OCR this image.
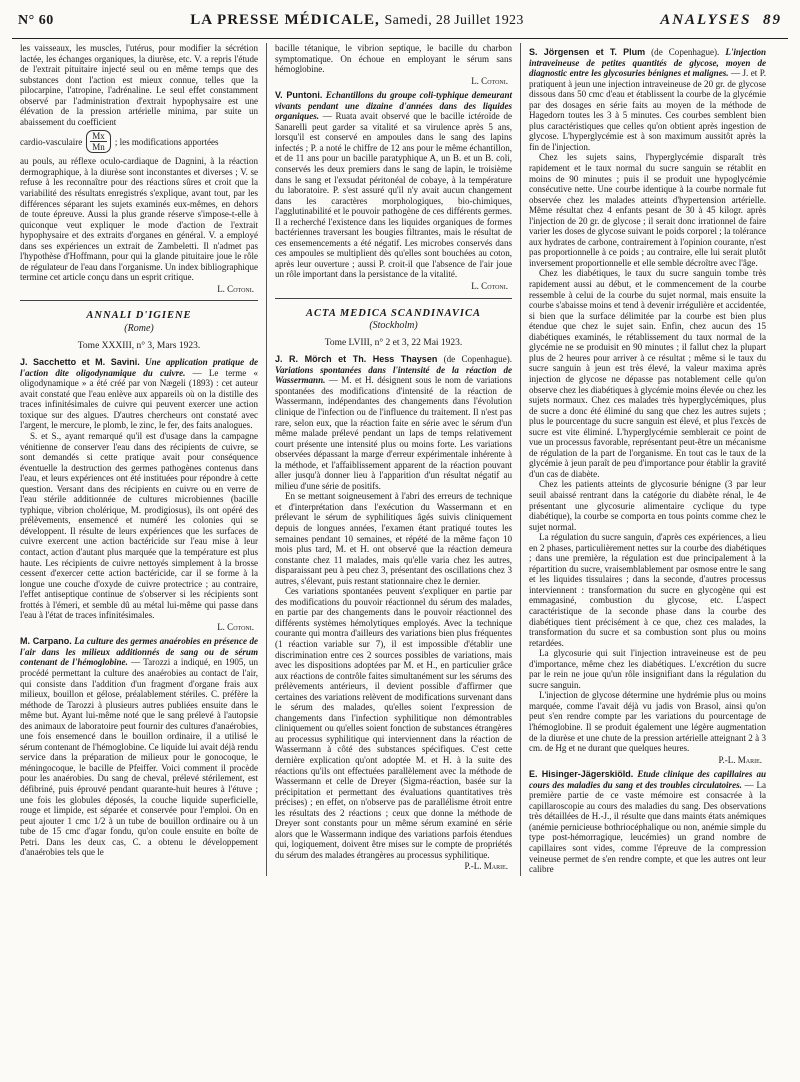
N° 60	LA PRESSE MÉDICALE, Samedi, 28 Juillet 1923	ANALYSES 89

les vaisseaux, les muscles, l'utérus, pour modifier la sécrétion lactée, les échanges organiques, la diurèse, etc. V. a repris l'étude de l'extrait pituitaire injecté seul ou en même temps que des substances dont l'action est mieux connue, telles que la pilocarpine, l'atropine, l'adrénaline. Le seul effet constamment observé par l'administration d'extrait hypophysaire est une élévation de la pression artérielle minima, par suite un abaissement du coefficient

cardio-vasculaire $\frac{Mx}{Mn}$ ; les modifications apportées

au pouls, au réflexe oculo-cardiaque de Dagnini, à la réaction dermographique, à la diurèse sont inconstantes et diverses ; V. se refuse à les reconnaître pour des réactions sûres et croit que la variabilité des résultats enregistrés s'explique, avant tout, par les différences séparant les sujets examinés eux-mêmes, en dehors de toute épreuve. Aussi la plus grande réserve s'impose-t-elle à quiconque veut expliquer le mode d'action de l'extrait hypophysaire et des extraits d'organes en général. V. a employé dans ses expériences un extrait de Zambeletti. Il n'admet pas l'hypothèse d'Hoffmann, pour qui la glande pituitaire joue le rôle de régulateur de l'eau dans l'organisme. Un index bibliographique termine cet article conçu dans un esprit critique.

L. Cotoni.
ANNALI D'IGIENE
(Rome)
Tome XXXIII, n° 3, Mars 1923.

J. Sacchetto et M. Savini. Une application pratique de l'action dite oligodynamique du cuivre. — Le terme « oligodynamique » a été créé par von Nægeli (1893) : cet auteur avait constaté que l'eau enlève aux appareils où on la distille des traces infinitésimales de cuivre qui peuvent exercer une action toxique sur des algues. D'autres chercheurs ont constaté avec l'argent, le mercure, le plomb, le zinc, le fer, des faits analogues.

S. et S., ayant remarqué qu'il est d'usage dans la campagne vénitienne de conserver l'eau dans des récipients de cuivre, se sont demandés si cette pratique avait pour conséquence éventuelle la destruction des germes pathogènes contenus dans l'eau, et leurs expériences ont été instituées pour répondre à cette question. Versant dans des récipients en cuivre ou en verre de l'eau stérile additionnée de cultures microbiennes (bacille typhique, vibrion cholérique, M. prodigiosus), ils ont opéré des prélèvements, ensemencé et numéré les colonies qui se développent. Il résulte de leurs expériences que les surfaces de cuivre exercent une action bactéricide sur l'eau mise à leur contact, action d'autant plus marquée que la température est plus haute. Les récipients de cuivre nettoyés simplement à la brosse cessent d'exercer cette action bactéricide, car il se forme à la longue une couche d'oxyde de cuivre protectrice ; au contraire, l'effet antiseptique continue de s'observer si les récipients sont frottés à l'émeri, et semble dû au métal lui-même qui passe dans l'eau à l'état de traces infinitésimales.

L. Cotoni.

M. Carpano. La culture des germes anaérobies en présence de l'air dans les milieux additionnés de sang ou de sérum contenant de l'hémoglobine. — Tarozzi a indiqué, en 1905, un procédé permettant la culture des anaérobies au contact de l'air, qui consiste dans l'addition d'un fragment d'organe frais aux milieux, bouillon et gélose, préalablement stériles. C. préfère la méthode de Tarozzi à plusieurs autres publiées ensuite dans le même but. Ayant lui-même noté que le sang prélevé à l'autopsie des animaux de laboratoire peut fournir des cultures d'anaérobies, une fois ensemencé dans le bouillon ordinaire, il a utilisé le sérum contenant de l'hémoglobine. Ce liquide lui avait déjà rendu service dans la préparation de milieux pour le gonocoque, le méningocoque, le bacille de Pfeiffer. Voici comment il procède pour les anaérobies. Du sang de cheval, prélevé stérilement, est défibriné, puis éprouvé pendant quarante-huit heures à l'étuve ; une fois les globules déposés, la couche liquide superficielle, rouge et limpide, est séparée et conservée pour l'emploi. On en peut ajouter 1 cmc 1/2 à un tube de bouillon ordinaire ou à un tube de 15 cmc d'agar fondu, qu'on coule ensuite en boîte de Petri. Dans les deux cas, C. a obtenu le développement d'anaérobies tels que le

bacille tétanique, le vibrion septique, le bacille du charbon symptomatique. On échoue en employant le sérum sans hémoglobine.

L. Cotoni.

V. Puntoni. Echantillons du groupe coli-typhique demeurant vivants pendant une dizaine d'années dans des liquides organiques. — Ruata avait observé que le bacille ictéroïde de Sanarelli peut garder sa vitalité et sa virulence après 5 ans, lorsqu'il est conservé en ampoules dans le sang des lapins infectés ; P. a noté le chiffre de 12 ans pour le même échantillon, et de 11 ans pour un bacille paratyphique A, un B. et un B. coli, conservés les deux premiers dans le sang de lapin, le troisième dans le sang et l'exsudat péritonéal de cobaye, à la température du laboratoire. P. s'est assuré qu'il n'y avait aucun changement dans les caractères morphologiques, bio-chimiques, l'agglutinabilité et le pouvoir pathogène de ces différents germes. Il a recherché l'existence dans les liquides organiques de formes bactériennes traversant les bougies filtrantes, mais le résultat de ces ensemencements a été négatif. Les microbes conservés dans ces ampoules se multiplient dès qu'elles sont bouchées au coton, après leur ouverture ; aussi P. croit-il que l'absence de l'air joue un rôle important dans la persistance de la vitalité.

L. Cotoni.
ACTA MEDICA SCANDINAVICA
(Stockholm)
Tome LVIII, n° 2 et 3, 22 Mai 1923.

J. R. Mörch et Th. Hess Thaysen (de Copenhague). Variations spontanées dans l'intensité de la réaction de Wassermann. — M. et H. désignent sous le nom de variations spontanées des modifications d'intensité de la réaction de Wassermann, indépendantes des changements dans l'évolution clinique de l'infection ou de l'influence du traitement. Il n'est pas rare, selon eux, que la réaction faite en série avec le sérum d'un même malade prélevé pendant un laps de temps relativement court présente une intensité plus ou moins forte. Les variations observées dépassant la marge d'erreur expérimentale inhérente à la méthode, et l'affaiblissement apparent de la réaction pouvant aller jusqu'à donner lieu à l'apparition d'un résultat négatif au milieu d'une série de positifs.

En se mettant soigneusement à l'abri des erreurs de technique et d'interprétation dans l'exécution du Wassermann et en prélevant le sérum de syphilitiques âgés suivis cliniquement depuis de longues années, l'examen étant pratiqué toutes les semaines pendant 10 semaines, et répété de la même façon 10 mois plus tard, M. et H. ont observé que la réaction demeura constante chez 11 malades, mais qu'elle varia chez les autres, disparaissant peu à peu chez 3, présentant des oscillations chez 3 autres, s'élevant, puis restant stationnaire chez le dernier.

Ces variations spontanées peuvent s'expliquer en partie par des modifications du pouvoir réactionnel du sérum des malades, en partie par des changements dans le pouvoir réactionnel des différents systèmes hémolytiques employés. Avec la technique courante qui montra d'ailleurs des variations bien plus fréquentes (1 réaction variable sur 7), il est impossible d'établir une discrimination entre ces 2 sources possibles de variations, mais avec les dispositions adoptées par M. et H., en particulier grâce aux réactions de contrôle faites simultanément sur les sérums des prélèvements antérieurs, il devient possible d'affirmer que certaines des variations relèvent de modifications survenant dans le sérum des malades, qu'elles soient l'expression de changements dans l'infection syphilitique non démontrables cliniquement ou qu'elles soient fonction de substances étrangères au processus syphilitique qui interviennent dans la réaction de Wassermann à côté des substances spécifiques. C'est cette dernière explication qu'ont adoptée M. et H. à la suite des réactions qu'ils ont effectuées parallèlement avec la méthode de Wassermann et celle de Dreyer (Sigma-réaction, basée sur la précipitation et permettant des évaluations quantitatives très précises) ; en effet, on n'observe pas de parallélisme étroit entre les résultats des 2 réactions ; ceux que donne la méthode de Dreyer sont constants pour un même sérum examiné en série alors que le Wassermann indique des variations parfois étendues qui, logiquement, doivent être mises sur le compte de propriétés du sérum des malades étrangères au processus syphilitique.

P.-L. Marie.

S. Jörgensen et T. Plum (de Copenhague). L'injection intraveineuse de petites quantités de glycose, moyen de diagnostic entre les glycosuries bénignes et malignes. — J. et P. pratiquent à jeun une injection intraveineuse de 20 gr. de glycose dissous dans 50 cmc d'eau et établissent la courbe de la glycémie par des dosages en série faits au moyen de la méthode de Hagedorn toutes les 3 à 5 minutes. Ces courbes semblent bien plus caractéristiques que celles qu'on obtient après ingestion de glycose. L'hyperglycémie est à son maximum aussitôt après la fin de l'injection.

Chez les sujets sains, l'hyperglycémie disparaît très rapidement et le taux normal du sucre sanguin se rétablit en moins de 90 minutes ; puis il se produit une hypoglycémie consécutive nette. Une courbe identique à la courbe normale fut observée chez les malades atteints d'hypertension artérielle. Même résultat chez 4 enfants pesant de 30 à 45 kilogr. après l'injection de 20 gr. de glycose ; il serait donc irrationnel de faire varier les doses de glycose suivant le poids corporel ; la tolérance aux hydrates de carbone, contrairement à l'opinion courante, n'est pas proportionnelle à ce poids ; au contraire, elle lui serait plutôt inversement proportionnelle et elle semble décroître avec l'âge.

Chez les diabétiques, le taux du sucre sanguin tombe très rapidement aussi au début, et le commencement de la courbe ressemble à celui de la courbe du sujet normal, mais ensuite la courbe s'abaisse moins et tend à devenir irrégulière et accidentée, si bien que la surface délimitée par la courbe est bien plus étendue que chez le sujet sain. Enfin, chez aucun des 15 diabétiques examinés, le rétablissement du taux normal de la glycémie ne se produisit en 90 minutes ; il fallut chez la plupart plus de 2 heures pour arriver à ce résultat ; même si le taux du sucre sanguin à jeun est très élevé, la valeur maxima après injection de glycose ne dépasse pas notablement celle qu'on observe chez les diabétiques à glycémie moins élevée ou chez les sujets normaux. Chez ces malades très hyperglycémiques, plus de sucre a donc été éliminé du sang que chez les autres sujets ; plus le pourcentage du sucre sanguin est élevé, et plus l'excès de sucre est vite éliminé. L'hyperglycémie semblerait ce point de vue un processus favorable, représentant peut-être un mécanisme de régulation de la part de l'organisme. En tout cas le taux de la glycémie à jeun paraît de peu d'importance pour établir la gravité d'un cas de diabète.

Chez les patients atteints de glycosurie bénigne (3 par leur seuil abaissé rentrant dans la catégorie du diabète rénal, le 4e présentant une glycosurie alimentaire cyclique du type diabétique), la courbe se comporta en tous points comme chez le sujet normal.

La régulation du sucre sanguin, d'après ces expériences, a lieu en 2 phases, particulièrement nettes sur la courbe des diabétiques ; dans une première, la régulation est due principalement à la répartition du sucre, vraisemblablement par osmose entre le sang et les liquides tissulaires ; dans la seconde, d'autres processus interviennent : transformation du sucre en glycogène qui est emmagasiné, combustion du glycose, etc. L'aspect caractéristique de la seconde phase dans la courbe des diabétiques tient précisément à ce que, chez ces malades, la transformation du sucre et sa combustion sont plus ou moins retardées.

La glycosurie qui suit l'injection intraveineuse est de peu d'importance, même chez les diabétiques. L'excrétion du sucre par le rein ne joue qu'un rôle insignifiant dans la régulation du sucre sanguin.

L'injection de glycose détermine une hydrémie plus ou moins marquée, comme l'avait déjà vu jadis von Brasol, ainsi qu'on peut s'en rendre compte par les variations du pourcentage de l'hémoglobine. Il se produit également une légère augmentation de la diurèse et une chute de la pression artérielle atteignant 2 à 3 cm. de Hg et ne durant que quelques heures.

P.-L. Marie.

E. Hisinger-Jägerskiöld. Etude clinique des capillaires au cours des maladies du sang et des troubles circulatoires. — La première partie de ce vaste mémoire est consacrée à la capillaroscopie au cours des maladies du sang. Des observations très détaillées de H.-J., il résulte que dans maints états anémiques (anémie pernicieuse bothriocéphalique ou non, anémie simple du type post-hémorragique, leucémies) un grand nombre de capillaires sont vides, comme l'épreuve de la compression veineuse permet de s'en rendre compte, et que les autres ont leur calibre
